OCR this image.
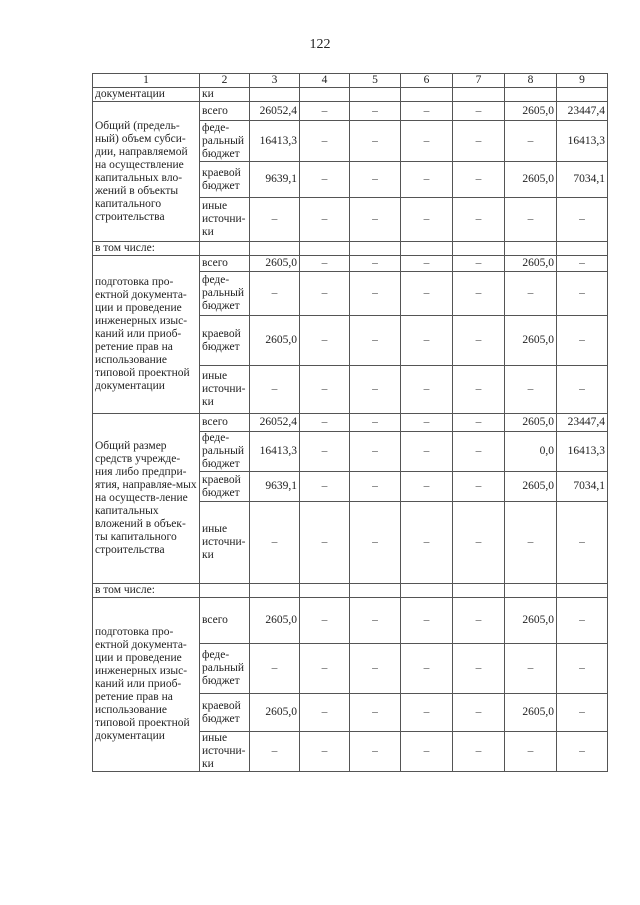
122
1	2	3	4	5	6	7	8	9
документации	ки							
Общий (предель-ный) объем субси-дии, направляемой на осуществление капитальных вло-жений в объекты капитального строительства	всего	26052,4	–	–	–	–	2605,0	23447,4
	феде-ральный бюджет	16413,3	–	–	–	–	–	16413,3
	краевой бюджет	9639,1	–	–	–	–	2605,0	7034,1
	иные источни-ки	–	–	–	–	–	–	–
в том числе:								
подготовка про-ектной документа-ции и проведение инженерных изыс-каний или приоб-ретение прав на использование типовой проектной документации	всего	2605,0	–	–	–	–	2605,0	–
	феде-ральный бюджет	–	–	–	–	–	–	–
	краевой бюджет	2605,0	–	–	–	–	2605,0	–
	иные источни-ки	–	–	–	–	–	–	–
Общий размер средств учрежде-ния либо предпри-ятия, направляе-мых на осуществ-ление капитальных вложений в объек-ты капитального строительства	всего	26052,4	–	–	–	–	2605,0	23447,4
	феде-ральный бюджет	16413,3	–	–	–	–	0,0	16413,3
	краевой бюджет	9639,1	–	–	–	–	2605,0	7034,1
	иные источни-ки	–	–	–	–	–	–	–
в том числе:								
подготовка про-ектной документа-ции и проведение инженерных изыс-каний или приоб-ретение прав на использование типовой проектной документации	всего	2605,0	–	–	–	–	2605,0	–
	феде-ральный бюджет	–	–	–	–	–	–	–
	краевой бюджет	2605,0	–	–	–	–	2605,0	–
	иные источни-ки	–	–	–	–	–	–	–
